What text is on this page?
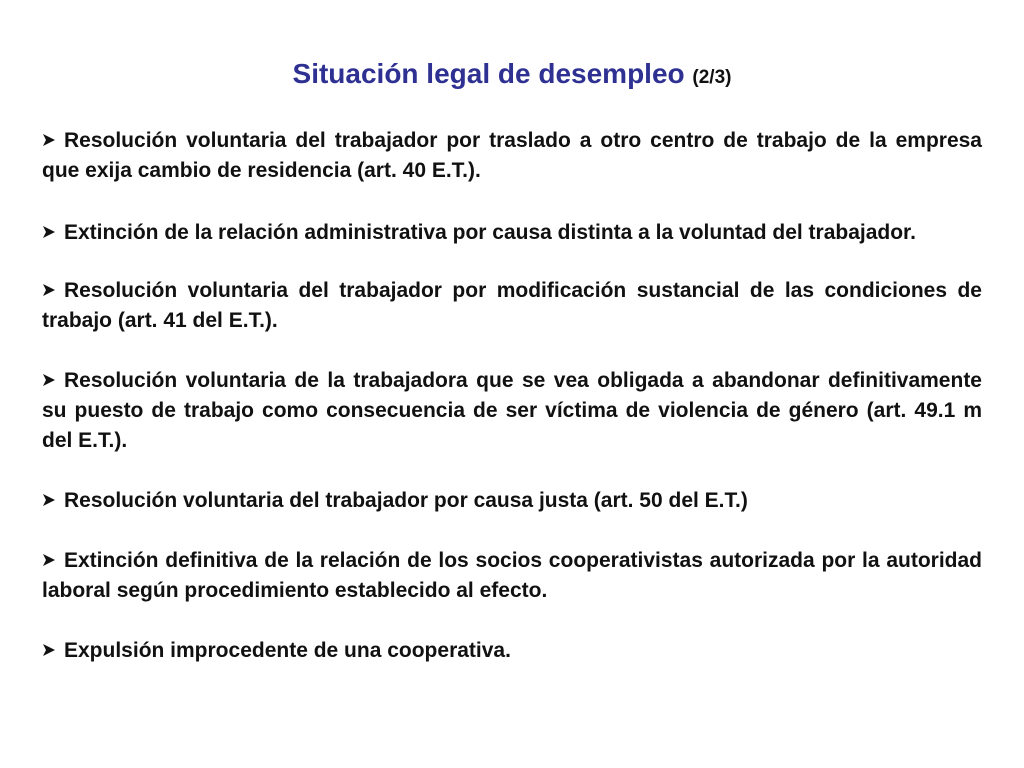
Situación legal de desempleo (2/3)
Resolución voluntaria del trabajador por traslado a otro centro de trabajo de la empresa que exija cambio de residencia (art. 40 E.T.).
Extinción de la relación administrativa por causa distinta a la voluntad del trabajador.
Resolución voluntaria del trabajador por modificación sustancial de las condiciones de trabajo (art. 41 del E.T.).
Resolución voluntaria de la trabajadora que se vea obligada a abandonar definitivamente su puesto de trabajo como consecuencia de ser víctima de violencia de género (art. 49.1 m del E.T.).
Resolución voluntaria del trabajador por causa justa (art. 50 del E.T.)
Extinción definitiva de la relación de los socios cooperativistas autorizada por la autoridad laboral según procedimiento establecido al efecto.
Expulsión improcedente de una cooperativa.
